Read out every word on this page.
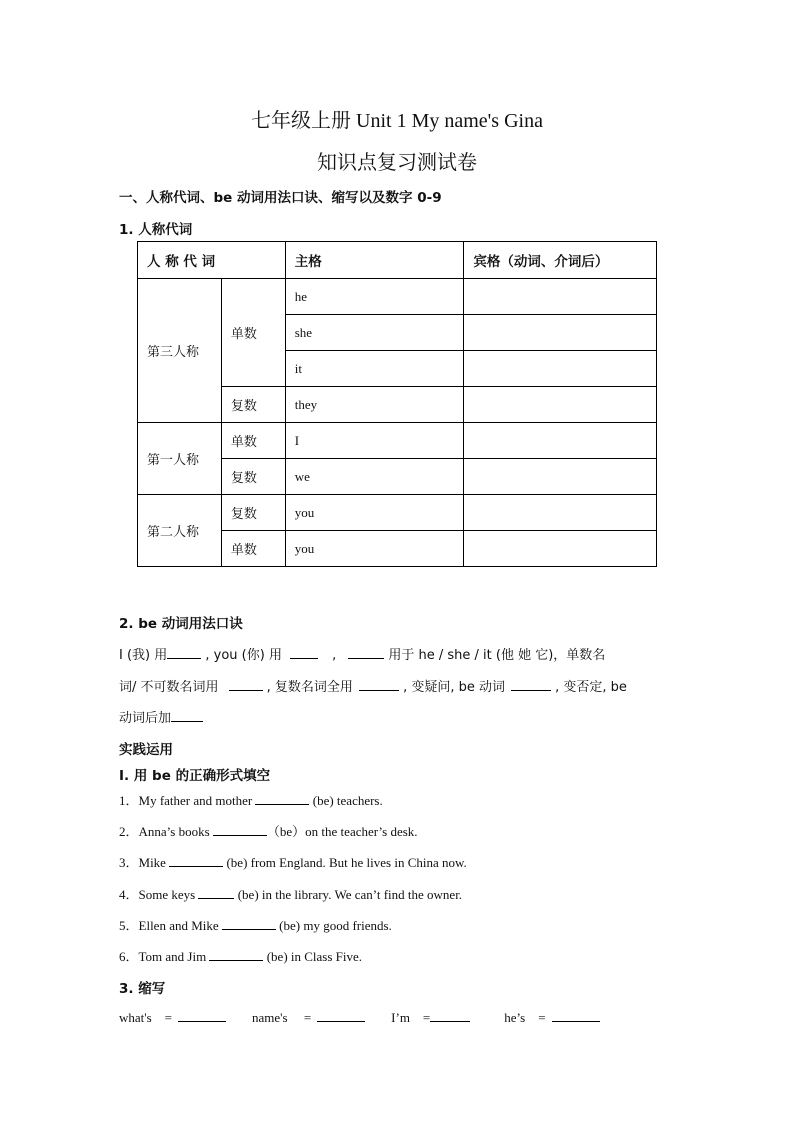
七年级上册 Unit 1 My name's Gina
知识点复习测试卷
一、人称代词、be 动词用法口诀、缩写以及数字 0-9
1. 人称代词
人 称 代 词		主格	宾格（动词、介词后）
第三人称	单数	he	
		she	
		it	
	复数	they	
第一人称	单数	I	
	复数	we	
第二人称	复数	you	
	单数	you	
2. be 动词用法口诀
I (我) 用	, you (你) 用	,	用于 he / she / it (他 她 它)，单数名
词/ 不可数名词用	, 复数名词全用	, 变疑问, be 动词	, 变否定, be
动词后加
实践运用
I. 用 be 的正确形式填空
1．My father and mother	(be) teachers.
2．Anna’s books	（be）on the teacher’s desk.
3．Mike	(be) from England. But he lives in China now.
4．Some keys	(be) in the library. We can’t find the owner.
5．Ellen and Mike	(be) my good friends.
6．Tom and Jim	(be) in Class Five.
3. 缩写
what's    =	name's     =	I’m    =	he’s    =
